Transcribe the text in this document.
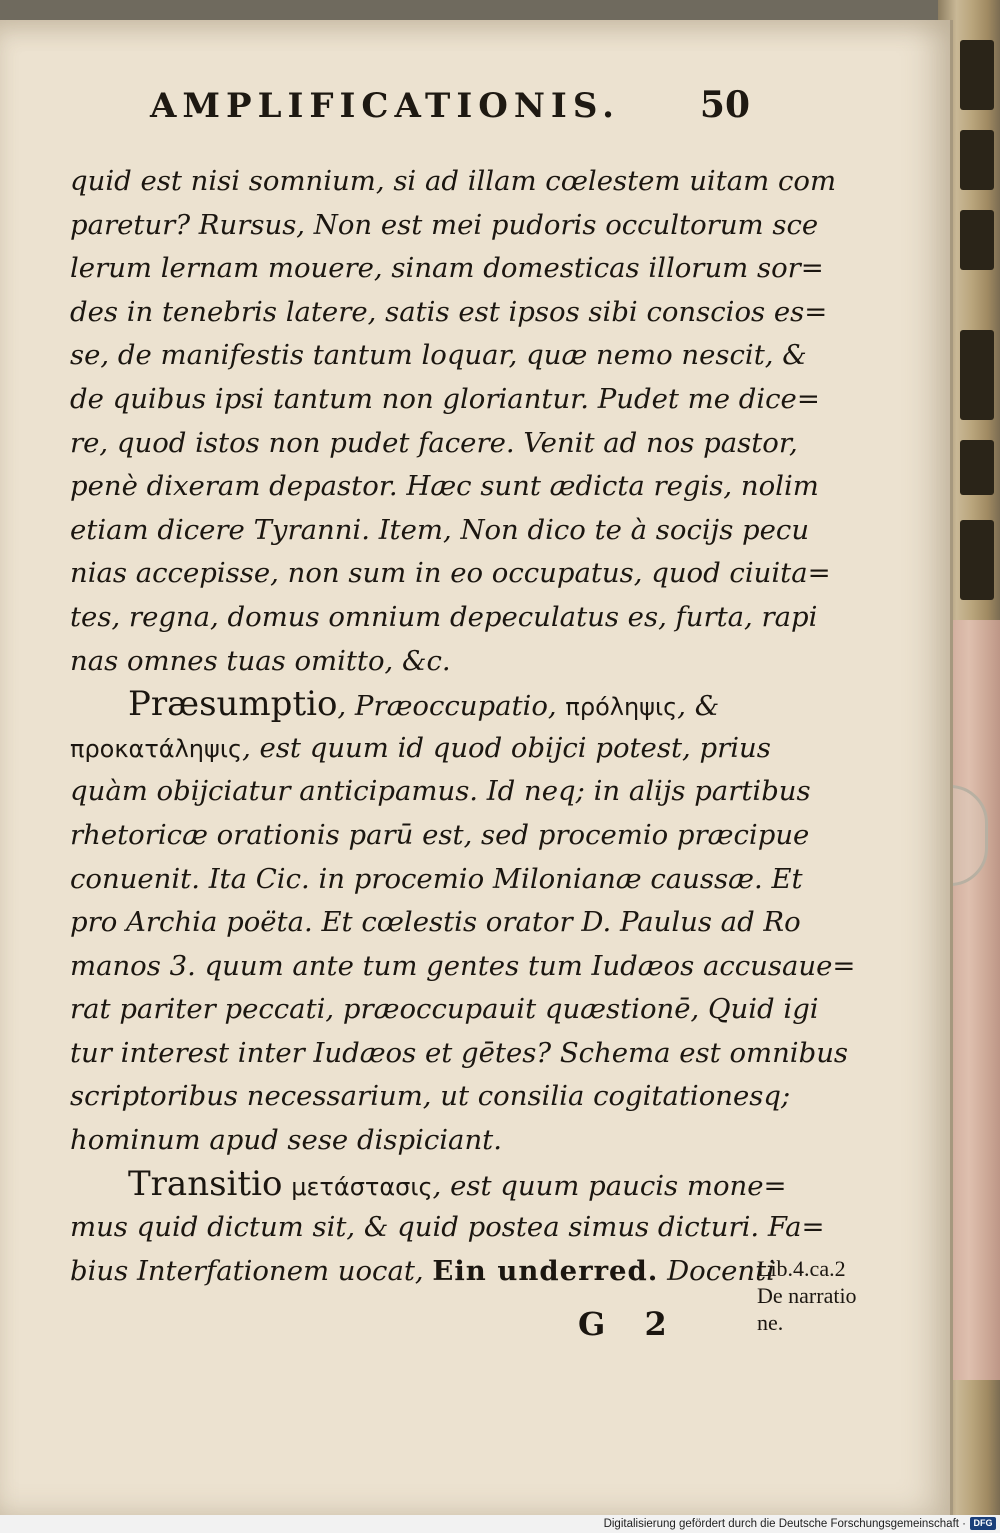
AMPLIFICATIONIS. 50
quid est nisi somnium, si ad illam cœlestem uitam com
paretur? Rursus, Non est mei pudoris occultorum sce
lerum lernam mouere, sinam domesticas illorum sor=
des in tenebris latere, satis est ipsos sibi conscios es=
se, de manifestis tantum loquar, quæ nemo nescit, &
de quibus ipsi tantum non gloriantur. Pudet me dice=
re, quod istos non pudet facere. Venit ad nos pastor,
penè dixeram depastor. Hæc sunt ædicta regis, nolim
etiam dicere Tyranni. Item, Non dico te à socijs pecu
nias accepisse, non sum in eo occupatus, quod ciuita=
tes, regna, domus omnium depeculatus es, furta, rapi
nas omnes tuas omitto, &c.
Præsumptio, Præoccupatio, πρόληψις, &
προκατάληψις, est quum id quod obijci potest, prius
quàm obijciatur anticipamus. Id neq; in alijs partibus
rhetoricæ orationis parū est, sed procemio præcipue
conuenit. Ita Cic. in procemio Milonianæ caussæ. Et
pro Archia poëta. Et cœlestis orator D. Paulus ad Ro
manos 3. quum ante tum gentes tum Iudæos accusaue=
rat pariter peccati, præoccupauit quæstionē, Quid igi
tur interest inter Iudæos et gētes? Schema est omnibus
scriptoribus necessarium, ut consilia cogitationesq;
hominum apud sese dispiciant.
Transitio μετάστασις, est quum paucis mone=
mus quid dictum sit, & quid postea simus dicturi. Fa=
bius Interfationem uocat, Ein underred. Docenti
Lib.4.ca.2
De narratio
ne.
G 2
Digitalisierung gefördert durch die Deutsche Forschungsgemeinschaft · DFG
